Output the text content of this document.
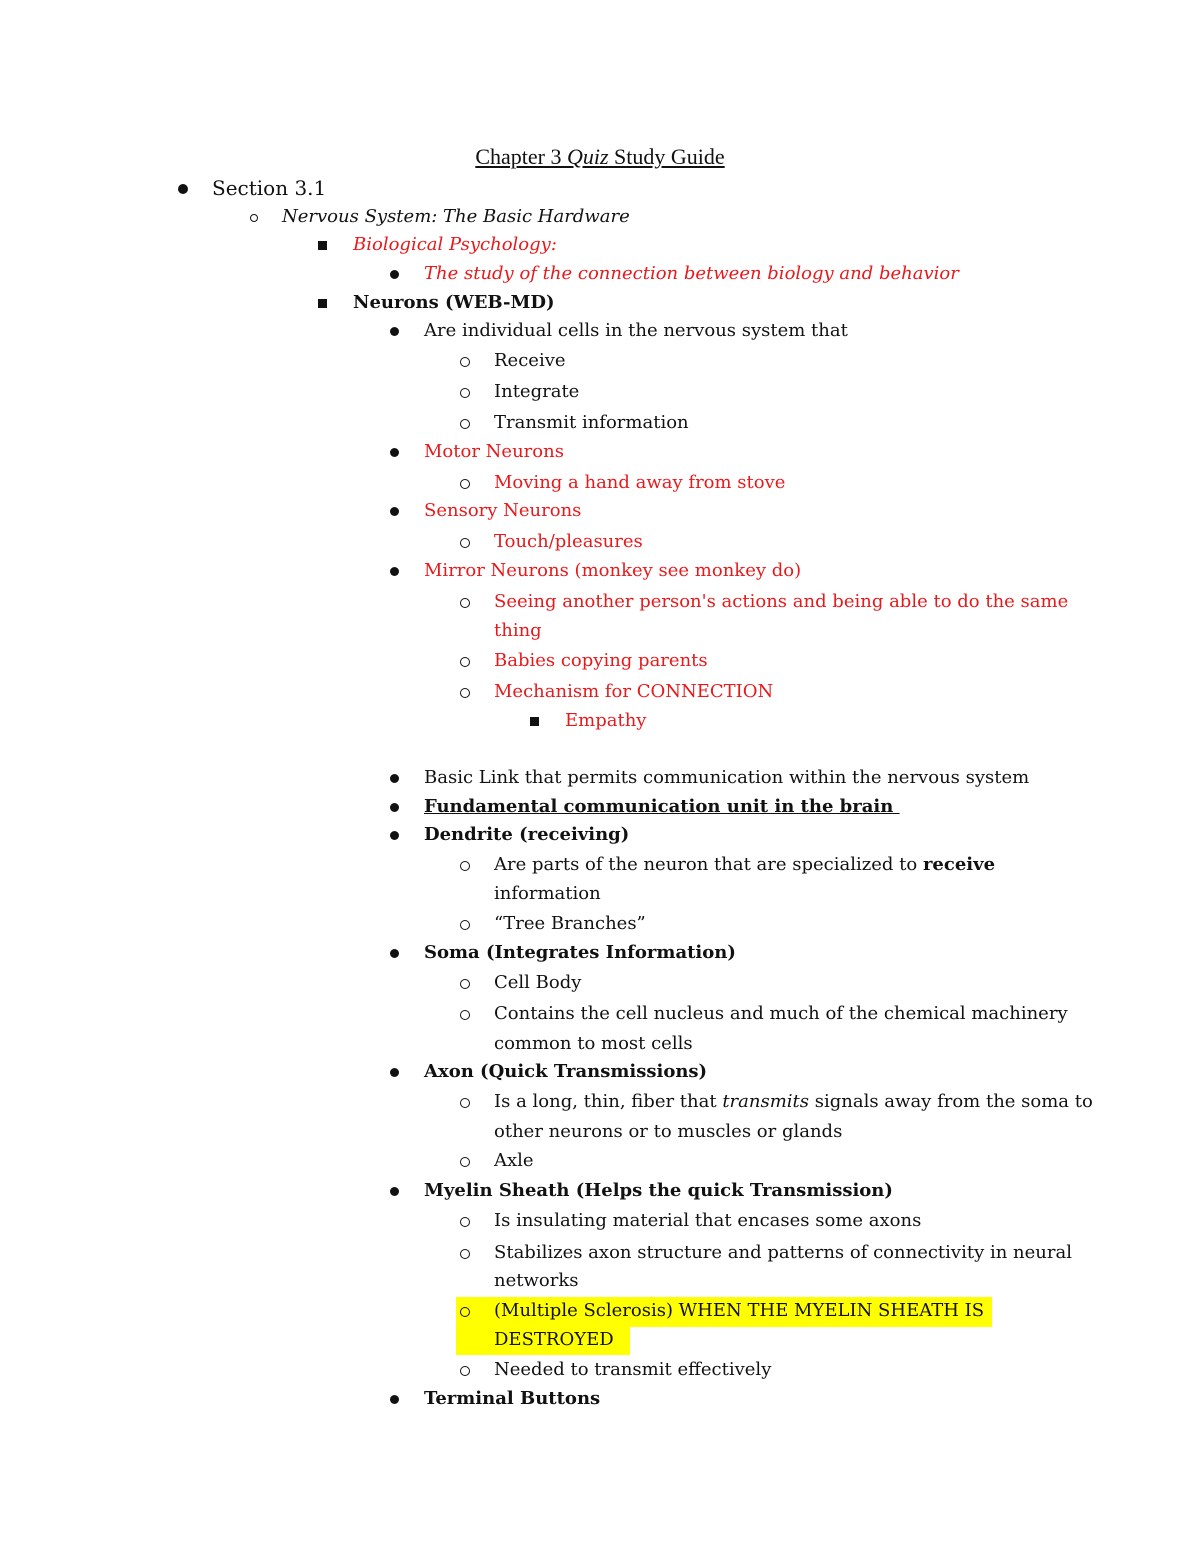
Chapter 3 Quiz Study Guide
Section 3.1
Nervous System: The Basic Hardware
Biological Psychology:
The study of the connection between biology and behavior
Neurons (WEB-MD)
Are individual cells in the nervous system that
Receive
Integrate
Transmit information
Motor Neurons
Moving a hand away from stove
Sensory Neurons
Touch/pleasures
Mirror Neurons (monkey see monkey do)
Seeing another person's actions and being able to do the same
thing
Babies copying parents
Mechanism for CONNECTION
Empathy
Basic Link that permits communication within the nervous system
Fundamental communication unit in the brain
Dendrite (receiving)
Are parts of the neuron that are specialized to receive
information
“Tree Branches”
Soma (Integrates Information)
Cell Body
Contains the cell nucleus and much of the chemical machinery
common to most cells
Axon (Quick Transmissions)
Is a long, thin, fiber that transmits signals away from the soma to
other neurons or to muscles or glands
Axle
Myelin Sheath (Helps the quick Transmission)
Is insulating material that encases some axons
Stabilizes axon structure and patterns of connectivity in neural
networks
(Multiple Sclerosis) WHEN THE MYELIN SHEATH IS
DESTROYED
Needed to transmit effectively
Terminal Buttons
